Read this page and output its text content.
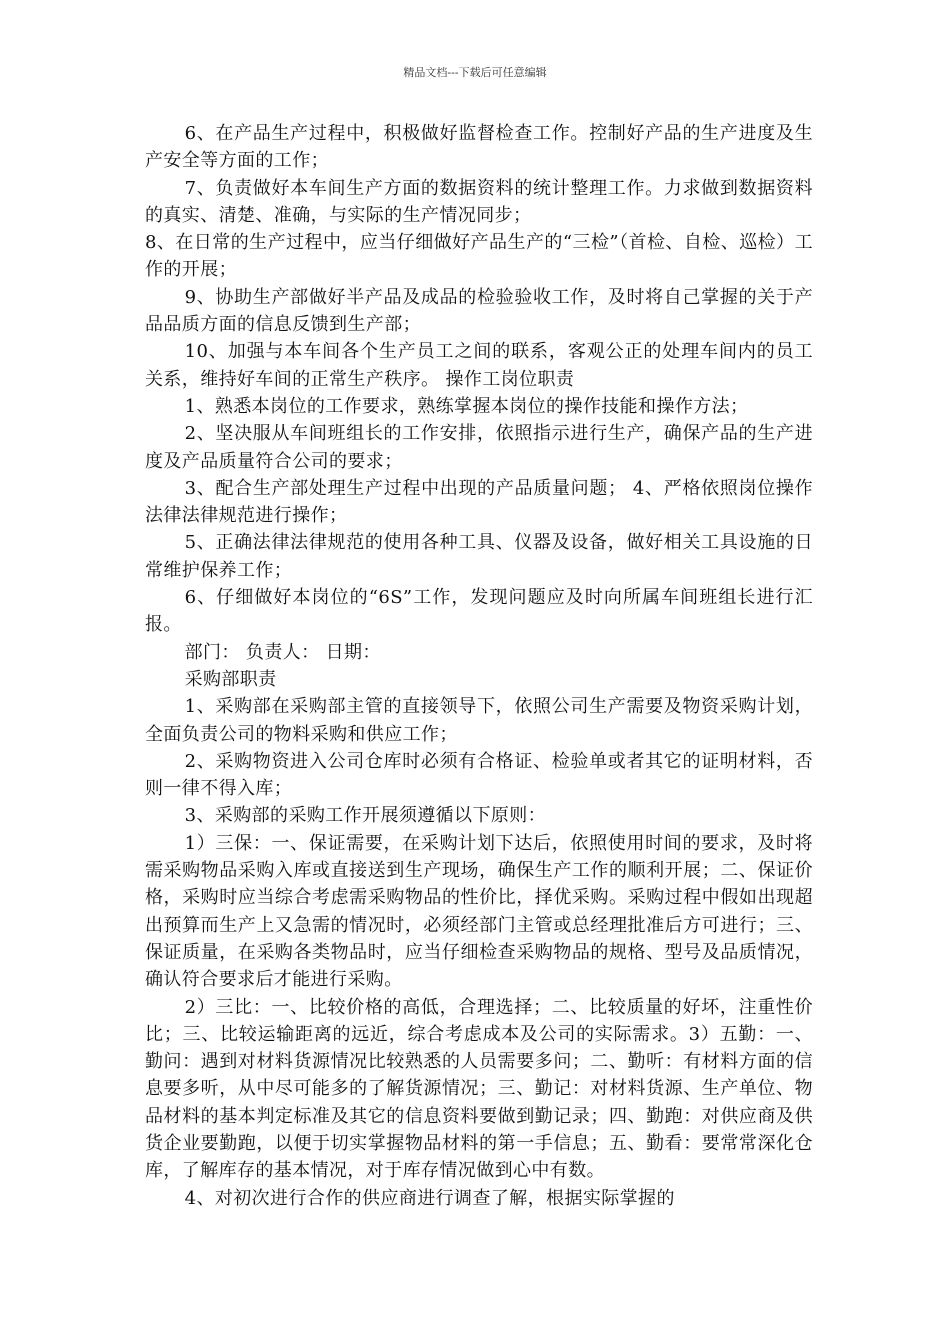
精品文档---下载后可任意编辑

6、在产品生产过程中，积极做好监督检查工作。控制好产品的生产进度及生产安全等方面的工作；

7、负责做好本车间生产方面的数据资料的统计整理工作。力求做到数据资料的真实、清楚、准确，与实际的生产情况同步；

8、在日常的生产过程中，应当仔细做好产品生产的“三检”（首检、自检、巡检）工作的开展；

9、协助生产部做好半产品及成品的检验验收工作，及时将自己掌握的关于产品品质方面的信息反馈到生产部；

10、加强与本车间各个生产员工之间的联系，客观公正的处理车间内的员工关系，维持好车间的正常生产秩序。 操作工岗位职责

1、熟悉本岗位的工作要求，熟练掌握本岗位的操作技能和操作方法；

2、坚决服从车间班组长的工作安排，依照指示进行生产，确保产品的生产进度及产品质量符合公司的要求；

3、配合生产部处理生产过程中出现的产品质量问题； 4、严格依照岗位操作法律法律规范进行操作；

5、正确法律法律规范的使用各种工具、仪器及设备，做好相关工具设施的日常维护保养工作；

6、仔细做好本岗位的“6S”工作，发现问题应及时向所属车间班组长进行汇报。

部门： 负责人： 日期：

采购部职责

1、采购部在采购部主管的直接领导下，依照公司生产需要及物资采购计划，全面负责公司的物料采购和供应工作；

2、采购物资进入公司仓库时必须有合格证、检验单或者其它的证明材料，否则一律不得入库；

3、采购部的采购工作开展须遵循以下原则：

1）三保：一、保证需要，在采购计划下达后，依照使用时间的要求，及时将需采购物品采购入库或直接送到生产现场，确保生产工作的顺利开展；二、保证价格，采购时应当综合考虑需采购物品的性价比，择优采购。采购过程中假如出现超出预算而生产上又急需的情况时，必须经部门主管或总经理批准后方可进行；三、保证质量，在采购各类物品时，应当仔细检查采购物品的规格、型号及品质情况，确认符合要求后才能进行采购。

2）三比：一、比较价格的高低，合理选择；二、比较质量的好坏，注重性价比；三、比较运输距离的远近，综合考虑成本及公司的实际需求。3）五勤：一、勤问：遇到对材料货源情况比较熟悉的人员需要多问；二、勤听：有材料方面的信息要多听，从中尽可能多的了解货源情况；三、勤记：对材料货源、生产单位、物品材料的基本判定标准及其它的信息资料要做到勤记录；四、勤跑：对供应商及供货企业要勤跑，以便于切实掌握物品材料的第一手信息；五、勤看：要常常深化仓库，了解库存的基本情况，对于库存情况做到心中有数。

4、对初次进行合作的供应商进行调查了解，根据实际掌握的
